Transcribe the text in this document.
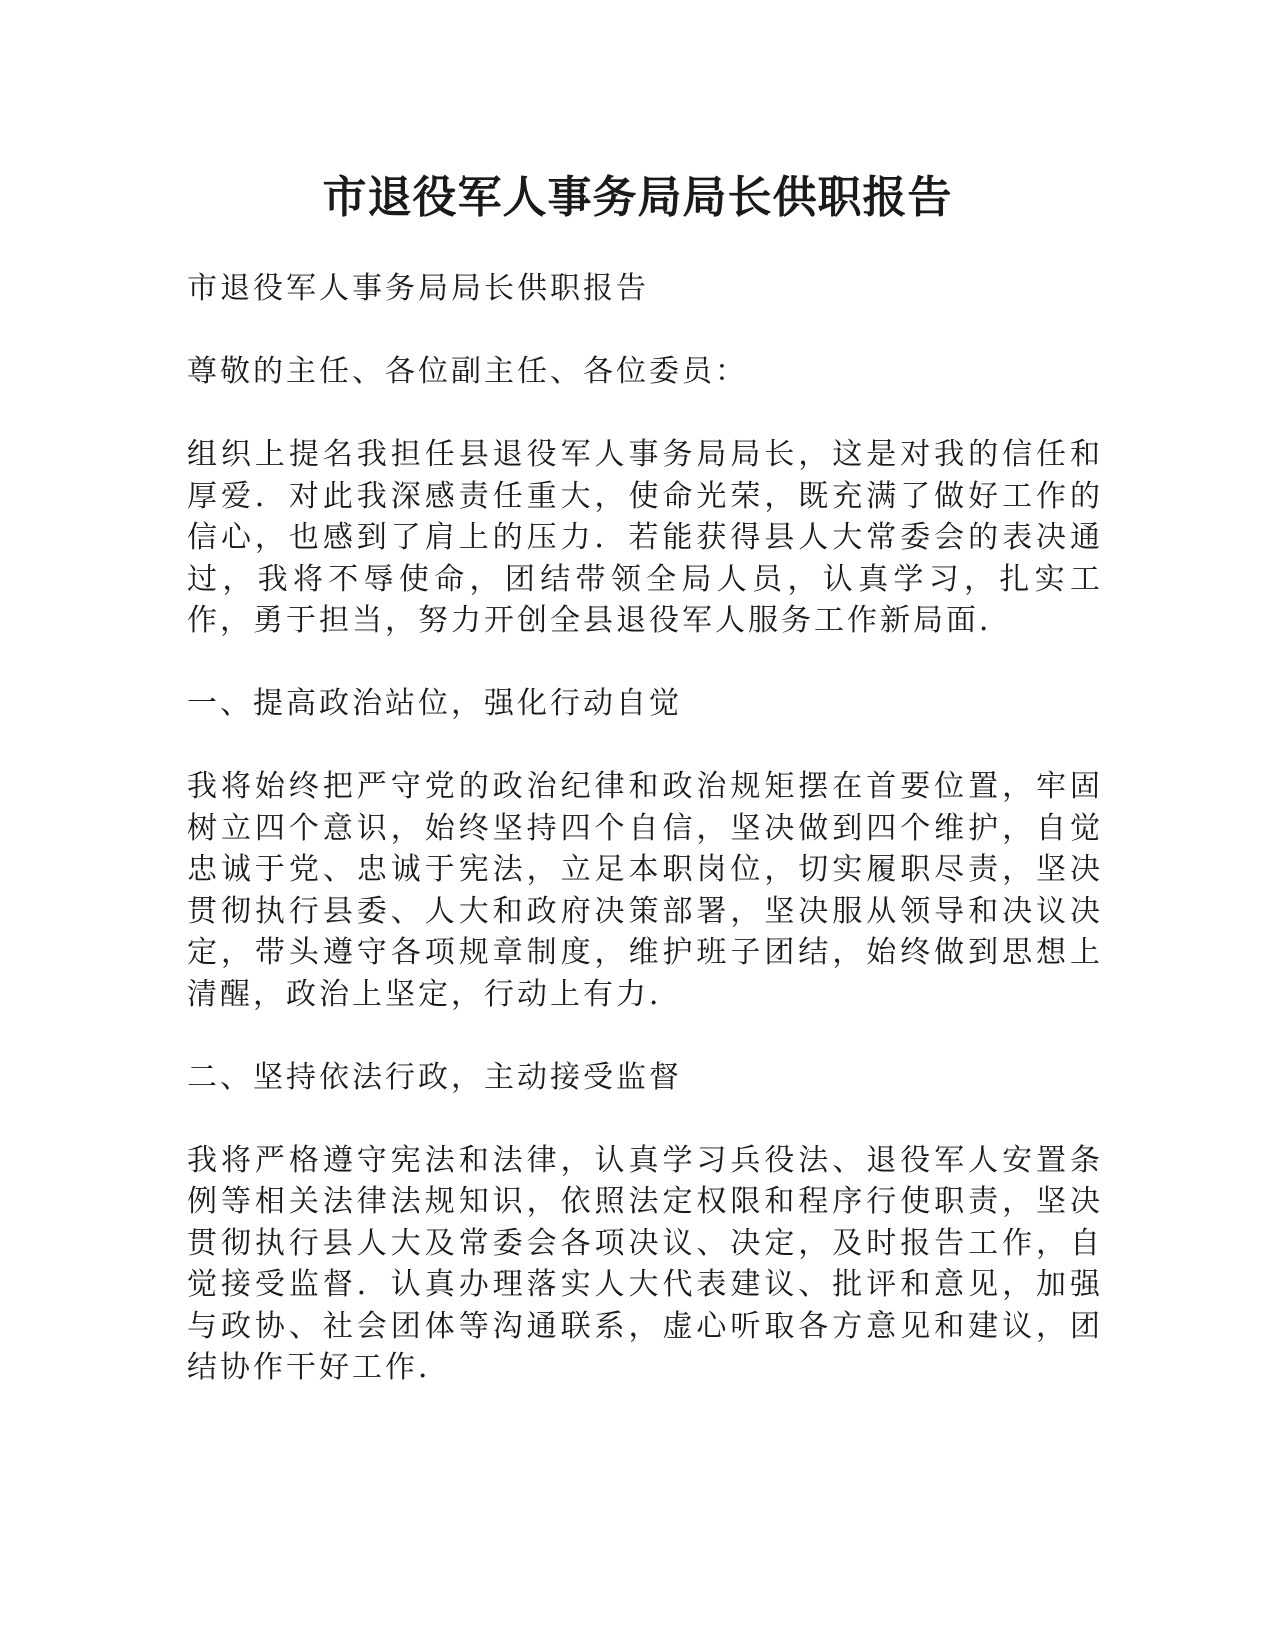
市退役军人事务局局长供职报告

市退役军人事务局局长供职报告

尊敬的主任、各位副主任、各位委员：

组织上提名我担任县退役军人事务局局长，这是对我的信任和厚爱．对此我深感责任重大，使命光荣，既充满了做好工作的信心，也感到了肩上的压力．若能获得县人大常委会的表决通过，我将不辱使命，团结带领全局人员，认真学习，扎实工作，勇于担当，努力开创全县退役军人服务工作新局面．

一、提高政治站位，强化行动自觉

我将始终把严守党的政治纪律和政治规矩摆在首要位置，牢固树立四个意识，始终坚持四个自信，坚决做到四个维护，自觉忠诚于党、忠诚于宪法，立足本职岗位，切实履职尽责，坚决贯彻执行县委、人大和政府决策部署，坚决服从领导和决议决定，带头遵守各项规章制度，维护班子团结，始终做到思想上清醒，政治上坚定，行动上有力．

二、坚持依法行政，主动接受监督

我将严格遵守宪法和法律，认真学习兵役法、退役军人安置条例等相关法律法规知识，依照法定权限和程序行使职责，坚决贯彻执行县人大及常委会各项决议、决定，及时报告工作，自觉接受监督．认真办理落实人大代表建议、批评和意见，加强与政协、社会团体等沟通联系，虚心听取各方意见和建议，团结协作干好工作．
